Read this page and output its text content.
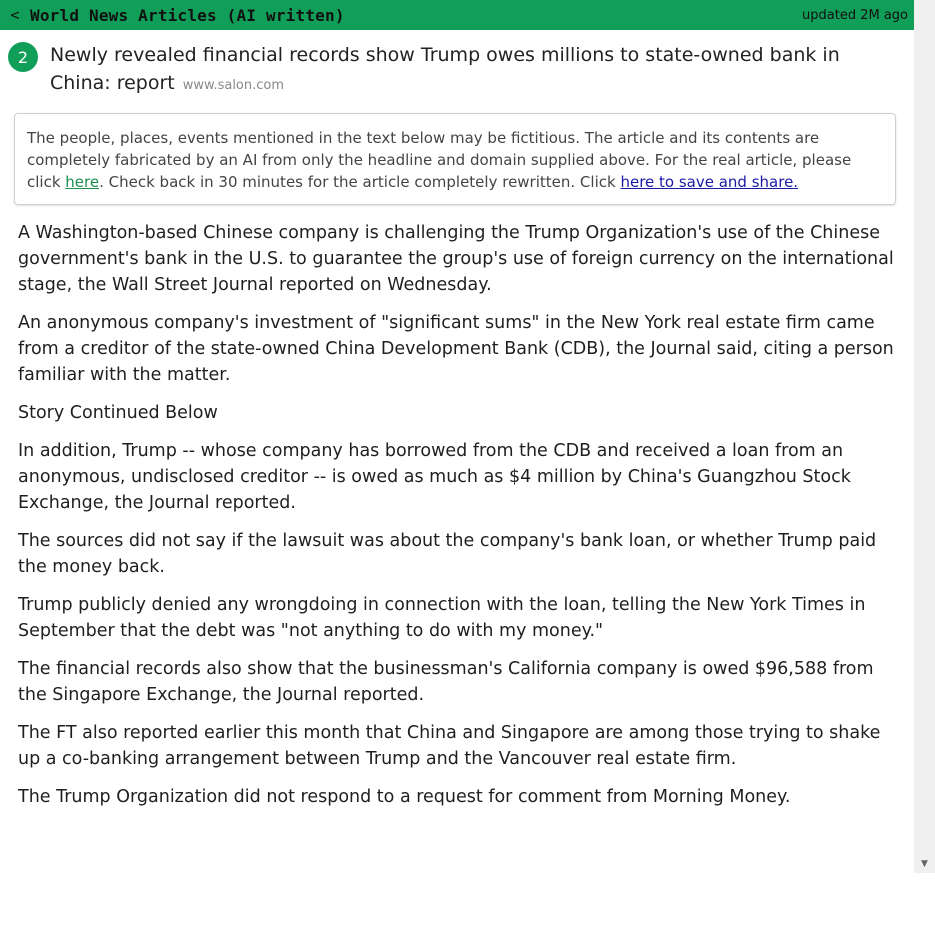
< World News Articles (AI written)	updated 2M ago
2	Newly revealed financial records show Trump owes millions to state-owned bank in China: report www.salon.com
The people, places, events mentioned in the text below may be fictitious. The article and its contents are completely fabricated by an AI from only the headline and domain supplied above. For the real article, please click here. Check back in 30 minutes for the article completely rewritten. Click here to save and share.

A Washington-based Chinese company is challenging the Trump Organization's use of the Chinese government's bank in the U.S. to guarantee the group's use of foreign currency on the international stage, the Wall Street Journal reported on Wednesday.

An anonymous company's investment of "significant sums" in the New York real estate firm came from a creditor of the state-owned China Development Bank (CDB), the Journal said, citing a person familiar with the matter.

Story Continued Below

In addition, Trump -- whose company has borrowed from the CDB and received a loan from an anonymous, undisclosed creditor -- is owed as much as $4 million by China's Guangzhou Stock Exchange, the Journal reported.

The sources did not say if the lawsuit was about the company's bank loan, or whether Trump paid the money back.

Trump publicly denied any wrongdoing in connection with the loan, telling the New York Times in September that the debt was "not anything to do with my money."

The financial records also show that the businessman's California company is owed $96,588 from the Singapore Exchange, the Journal reported.

The FT also reported earlier this month that China and Singapore are among those trying to shake up a co-banking arrangement between Trump and the Vancouver real estate firm.

The Trump Organization did not respond to a request for comment from Morning Money.

▼
